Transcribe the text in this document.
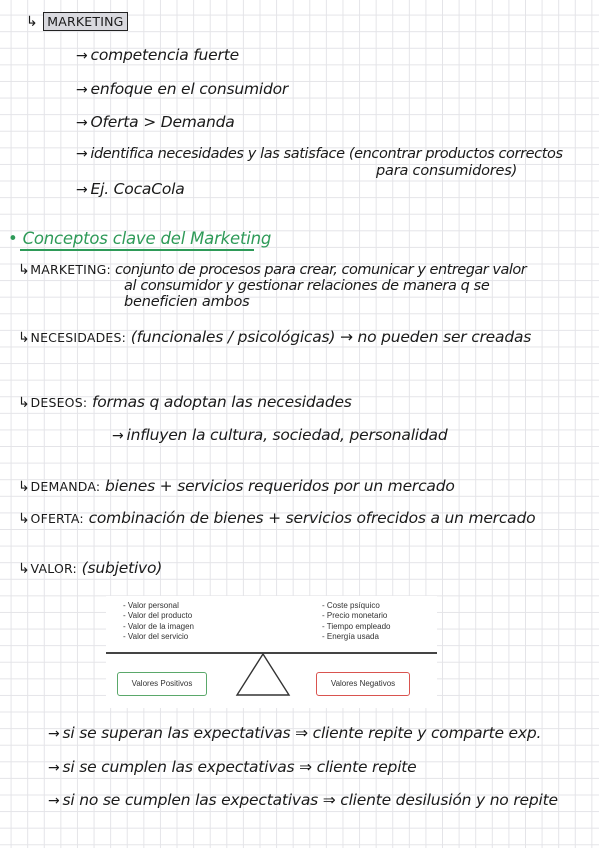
↳ MARKETING
→ competencia fuerte
→ enfoque en el consumidor
→ Oferta > Demanda
→ identifica necesidades y las satisface (encontrar productos correctos
para consumidores)
→ Ej. CocaCola
• Conceptos clave del Marketing
↳MARKETING: conjunto de procesos para crear, comunicar y entregar valor
al consumidor y gestionar relaciones de manera q se
beneficien ambos
↳NECESIDADES: (funcionales / psicológicas) → no pueden ser creadas
↳DESEOS: formas q adoptan las necesidades
→ influyen la cultura, sociedad, personalidad
↳DEMANDA: bienes + servicios requeridos por un mercado
↳OFERTA: combinación de bienes + servicios ofrecidos a un mercado
↳VALOR: (subjetivo)
- Valor personal
- Valor del producto
- Valor de la imagen
- Valor del servicio
- Coste psíquico
- Precio monetario
- Tiempo empleado
- Energía usada
Valores Positivos	Valores Negativos
→ si se superan las expectativas ⇒ cliente repite y comparte exp.
→ si se cumplen las expectativas ⇒ cliente repite
→ si no se cumplen las expectativas ⇒ cliente desilusión y no repite
